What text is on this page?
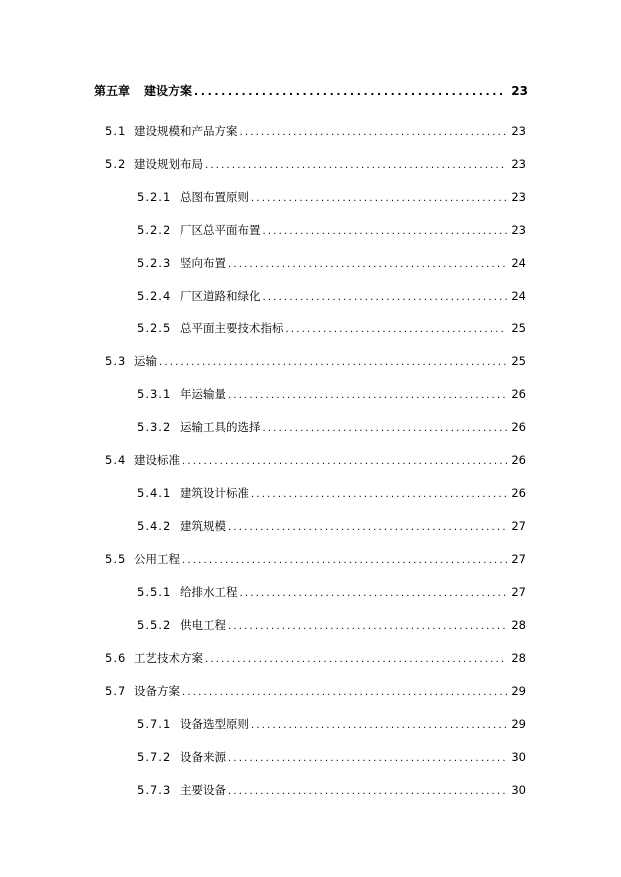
第五章	建设方案 .....	23
5.1 建设规模和产品方案 .....	23
5.2 建设规划布局 .....	23
5.2.1 总图布置原则 .....	23
5.2.2 厂区总平面布置 .....	23
5.2.3 竖向布置 .....	24
5.2.4 厂区道路和绿化 .....	24
5.2.5 总平面主要技术指标 .....	25
5.3 运输 .....	25
5.3.1 年运输量 .....	26
5.3.2 运输工具的选择 .....	26
5.4 建设标准 .....	26
5.4.1 建筑设计标准 .....	26
5.4.2 建筑规模 .....	27
5.5 公用工程 .....	27
5.5.1 给排水工程 .....	27
5.5.2 供电工程 .....	28
5.6 工艺技术方案 .....	28
5.7 设备方案 .....	29
5.7.1 设备选型原则 .....	29
5.7.2 设备来源 .....	30
5.7.3 主要设备 .....	30
